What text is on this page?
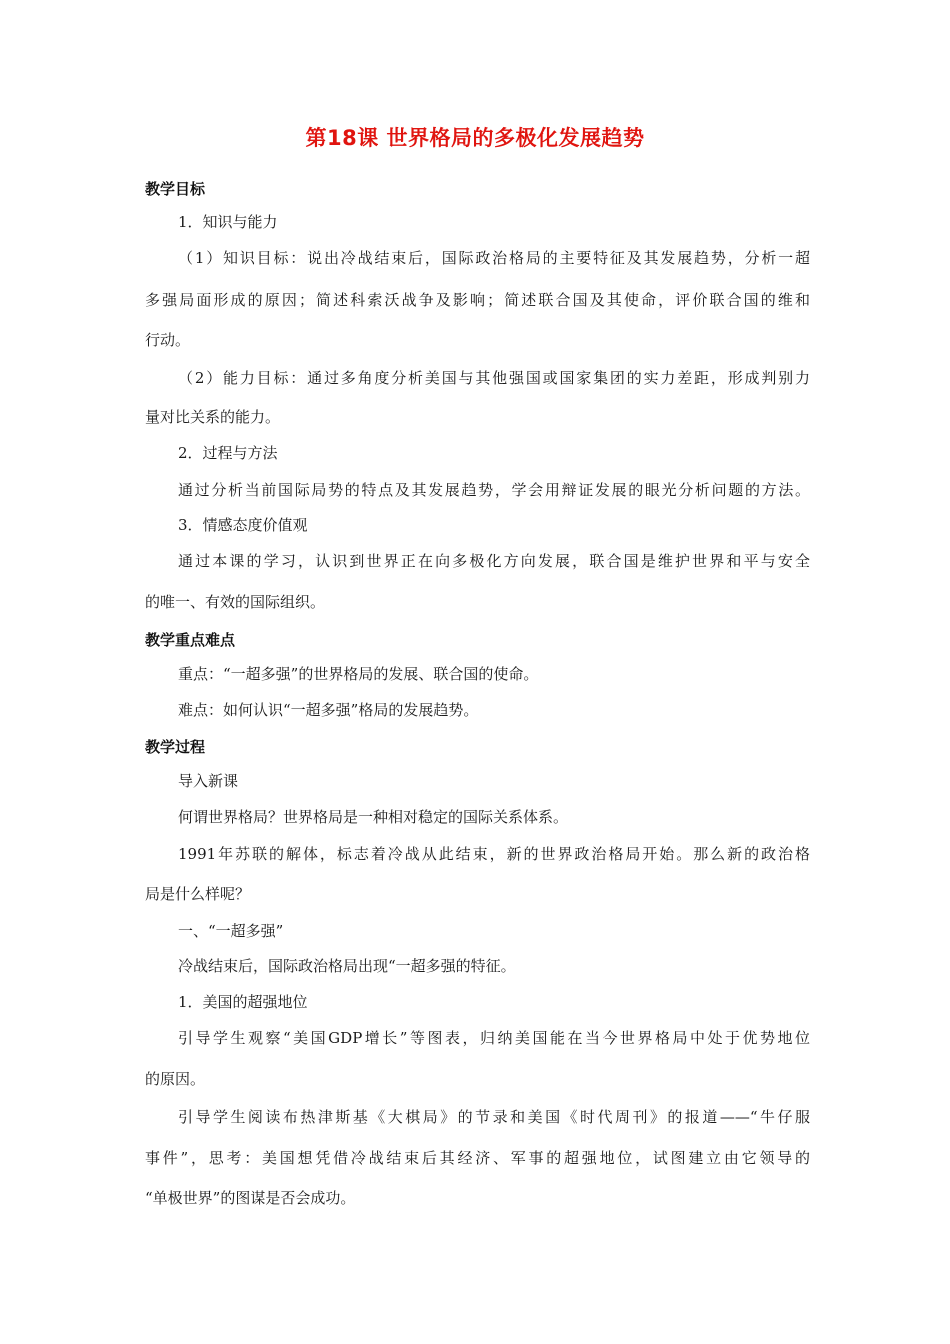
第18课 世界格局的多极化发展趋势
教学目标
1．知识与能力
（1）知识目标：说出冷战结束后，国际政治格局的主要特征及其发展趋势，分析一超
多强局面形成的原因；简述科索沃战争及影响；简述联合国及其使命，评价联合国的维和
行动。
（2）能力目标：通过多角度分析美国与其他强国或国家集团的实力差距，形成判别力
量对比关系的能力。
2．过程与方法
通过分析当前国际局势的特点及其发展趋势，学会用辩证发展的眼光分析问题的方法。
3．情感态度价值观
通过本课的学习，认识到世界正在向多极化方向发展，联合国是维护世界和平与安全
的唯一、有效的国际组织。
教学重点难点
重点：“一超多强”的世界格局的发展、联合国的使命。
难点：如何认识“一超多强”格局的发展趋势。
教学过程
导入新课
何谓世界格局？世界格局是一种相对稳定的国际关系体系。
1991年苏联的解体，标志着冷战从此结束，新的世界政治格局开始。那么新的政治格
局是什么样呢？
一、“一超多强”
冷战结束后，国际政治格局出现“一超多强的特征。
1．美国的超强地位
引导学生观察“美国GDP增长”等图表，归纳美国能在当今世界格局中处于优势地位
的原因。
引导学生阅读布热津斯基《大棋局》的节录和美国《时代周刊》的报道——“牛仔服
事件”，思考：美国想凭借冷战结束后其经济、军事的超强地位，试图建立由它领导的
“单极世界”的图谋是否会成功。
